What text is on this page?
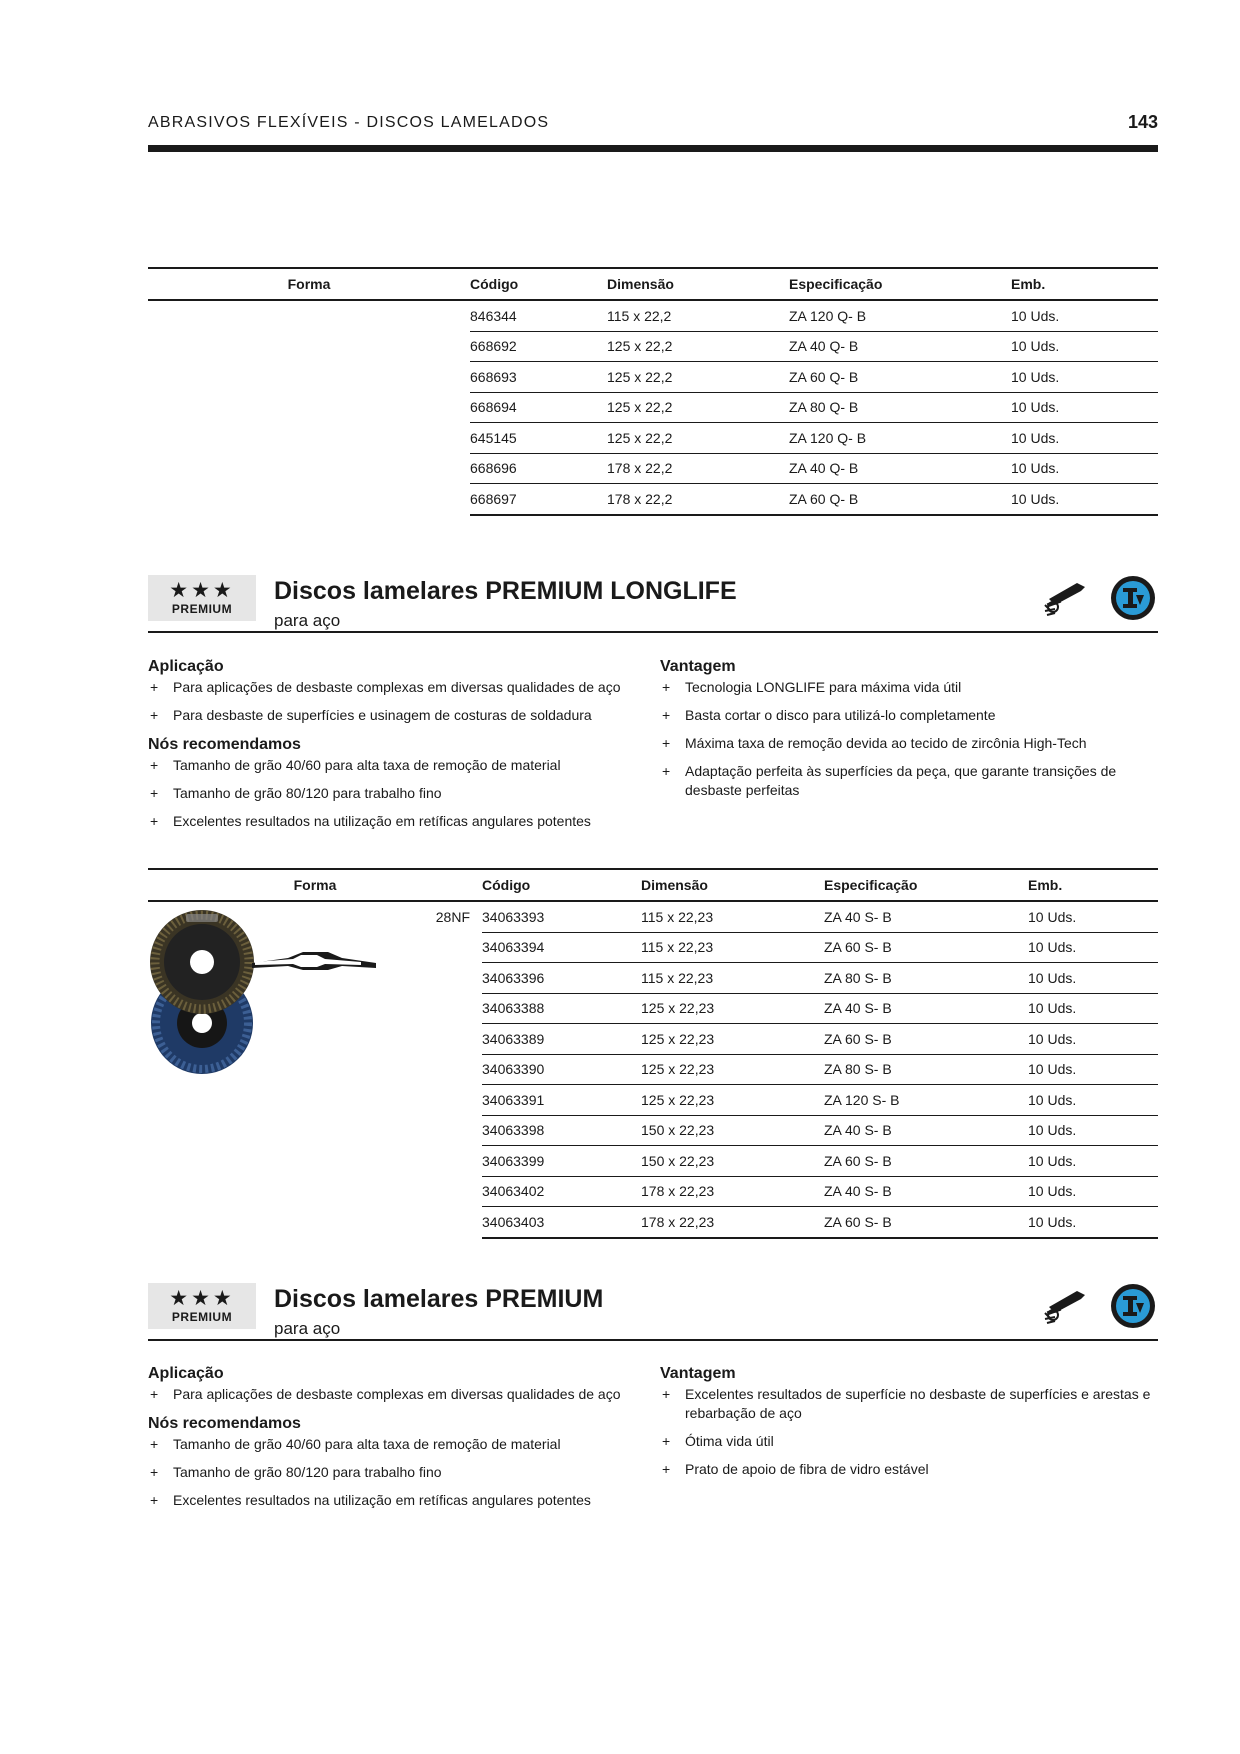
ABRASIVOS FLEXÍVEIS - DISCOS LAMELADOS	143
Forma	Código	Dimensão	Especificação	Emb.
	846344	115 x 22,2	ZA 120 Q- B	10 Uds.
	668692	125 x 22,2	ZA 40 Q- B	10 Uds.
	668693	125 x 22,2	ZA 60 Q- B	10 Uds.
	668694	125 x 22,2	ZA 80 Q- B	10 Uds.
	645145	125 x 22,2	ZA 120 Q- B	10 Uds.
	668696	178 x 22,2	ZA 40 Q- B	10 Uds.
	668697	178 x 22,2	ZA 60 Q- B	10 Uds.
★★★
PREMIUM
Discos lamelares PREMIUM LONGLIFE
para aço
Aplicação
+ Para aplicações de desbaste complexas em diversas qualidades de aço
+ Para desbaste de superfícies e usinagem de costuras de soldadura
Nós recomendamos
+ Tamanho de grão 40/60 para alta taxa de remoção de material
+ Tamanho de grão 80/120 para trabalho fino
+ Excelentes resultados na utilização em retíficas angulares potentes
Vantagem
+ Tecnologia LONGLIFE para máxima vida útil
+ Basta cortar o disco para utilizá-lo completamente
+ Máxima taxa de remoção devida ao tecido de zircônia High-Tech
+ Adaptação perfeita às superfícies da peça, que garante transições de desbaste perfeitas
Forma	Código	Dimensão	Especificação	Emb.

28NF	34063393	115 x 22,23	ZA 40 S- B	10 Uds.
	34063394	115 x 22,23	ZA 60 S- B	10 Uds.
	34063396	115 x 22,23	ZA 80 S- B	10 Uds.
	34063388	125 x 22,23	ZA 40 S- B	10 Uds.
	34063389	125 x 22,23	ZA 60 S- B	10 Uds.
	34063390	125 x 22,23	ZA 80 S- B	10 Uds.
	34063391	125 x 22,23	ZA 120 S- B	10 Uds.
	34063398	150 x 22,23	ZA 40 S- B	10 Uds.
	34063399	150 x 22,23	ZA 60 S- B	10 Uds.
	34063402	178 x 22,23	ZA 40 S- B	10 Uds.
	34063403	178 x 22,23	ZA 60 S- B	10 Uds.
★★★
PREMIUM
Discos lamelares PREMIUM
para aço
Aplicação
+ Para aplicações de desbaste complexas em diversas qualidades de aço
Nós recomendamos
+ Tamanho de grão 40/60 para alta taxa de remoção de material
+ Tamanho de grão 80/120 para trabalho fino
+ Excelentes resultados na utilização em retíficas angulares potentes
Vantagem
+ Excelentes resultados de superfície no desbaste de superfícies e arestas e rebarbação de aço
+ Ótima vida útil
+ Prato de apoio de fibra de vidro estável
